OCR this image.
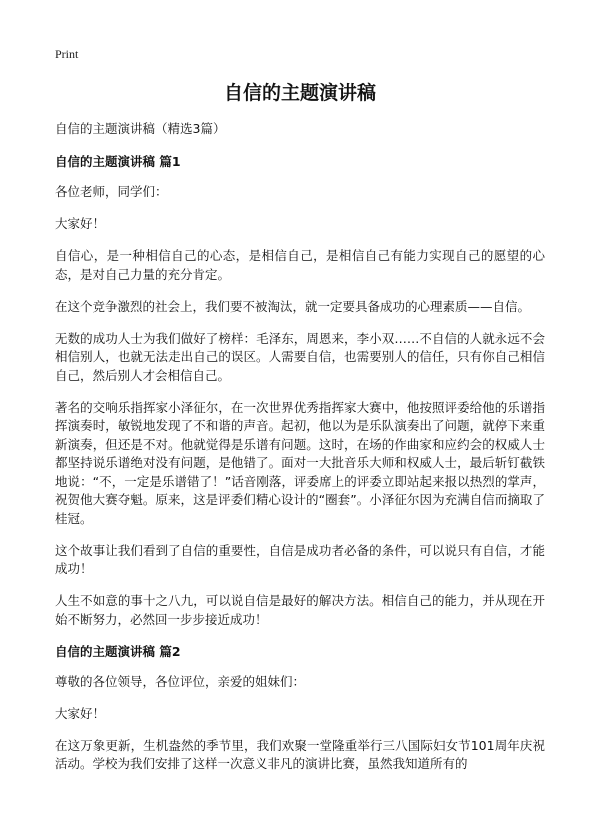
Print
自信的主题演讲稿

自信的主题演讲稿（精选3篇）

自信的主题演讲稿 篇1

各位老师，同学们：

大家好！

自信心，是一种相信自己的心态，是相信自己，是相信自己有能力实现自己的愿望的心态，是对自己力量的充分肯定。

在这个竞争激烈的社会上，我们要不被淘汰，就一定要具备成功的心理素质——自信。

无数的成功人士为我们做好了榜样：毛泽东，周恩来，李小双……不自信的人就永远不会相信别人，也就无法走出自己的误区。人需要自信，也需要别人的信任，只有你自己相信自己，然后别人才会相信自己。

著名的交响乐指挥家小泽征尔，在一次世界优秀指挥家大赛中，他按照评委给他的乐谱指挥演奏时，敏锐地发现了不和谐的声音。起初，他以为是乐队演奏出了问题，就停下来重新演奏，但还是不对。他就觉得是乐谱有问题。这时，在场的作曲家和应约会的权威人士都坚持说乐谱绝对没有问题，是他错了。面对一大批音乐大师和权威人士，最后斩钉截铁地说：“不，一定是乐谱错了！”话音刚落，评委席上的评委立即站起来报以热烈的掌声，祝贺他大赛夺魁。原来，这是评委们精心设计的“圈套”。小泽征尔因为充满自信而摘取了桂冠。

这个故事让我们看到了自信的重要性，自信是成功者必备的条件，可以说只有自信，才能成功！

人生不如意的事十之八九，可以说自信是最好的解决方法。相信自己的能力，并从现在开始不断努力，必然回一步步接近成功！

自信的主题演讲稿 篇2

尊敬的各位领导，各位评位，亲爱的姐妹们：

大家好！

在这万象更新，生机盎然的季节里，我们欢聚一堂隆重举行三八国际妇女节101周年庆祝活动。学校为我们安排了这样一次意义非凡的演讲比赛，虽然我知道所有的
